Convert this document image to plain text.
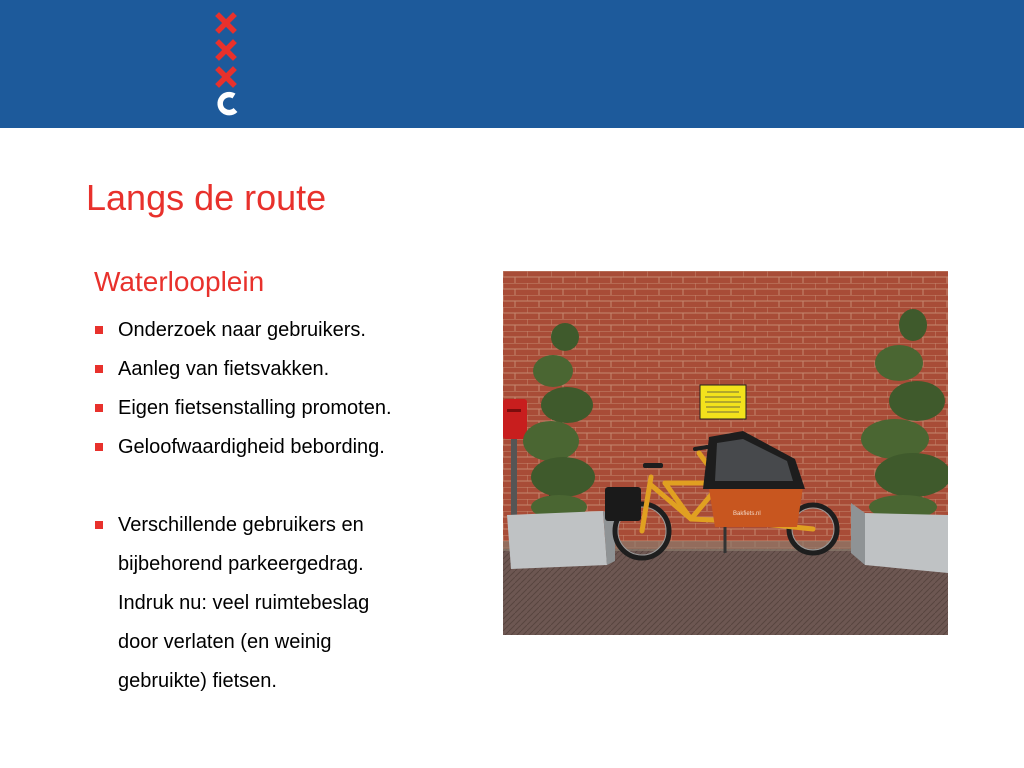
Langs de route
Waterlooplein
Onderzoek naar gebruikers.
Aanleg van fietsvakken.
Eigen fietsenstalling promoten.
Geloofwaardigheid bebording.
Verschillende gebruikers en
bijbehorend parkeergedrag.
Indruk nu: veel ruimtebeslag
door verlaten (en weinig
gebruikte) fietsen.
Bakfiets.nl
